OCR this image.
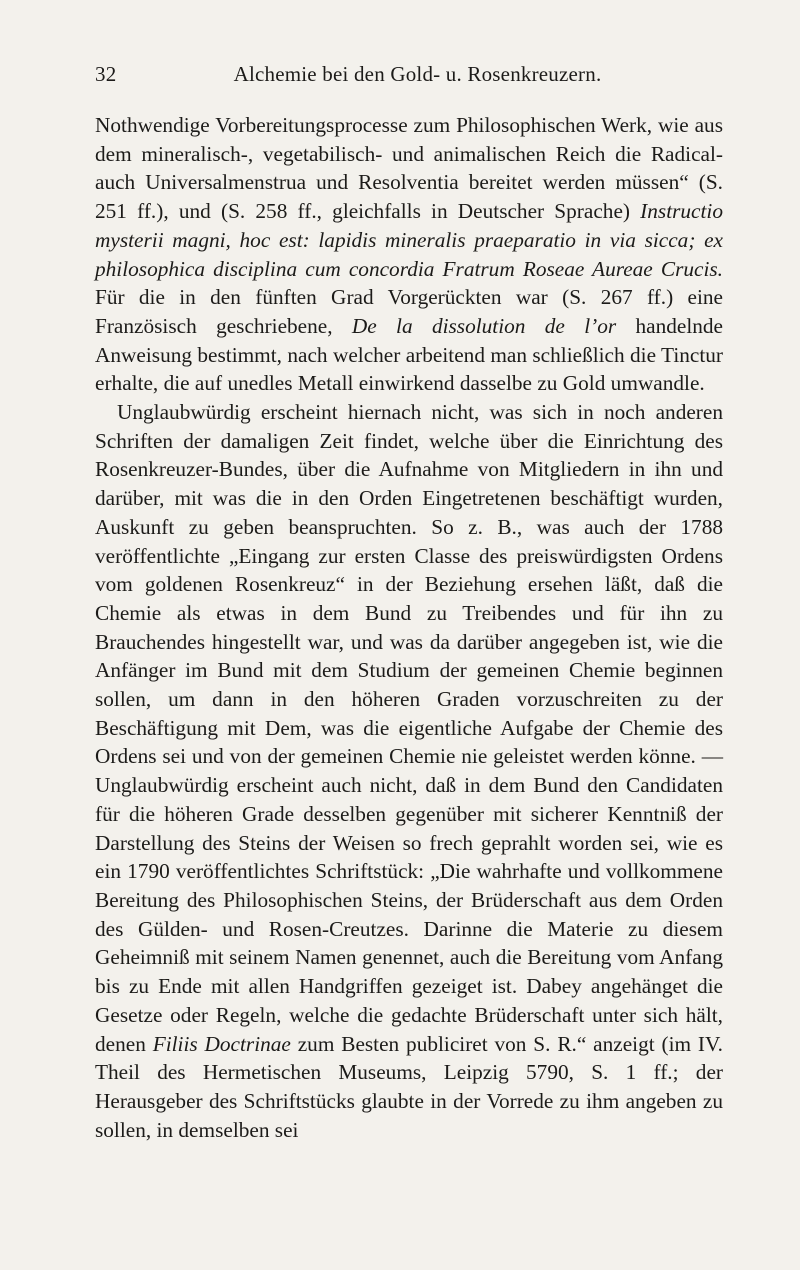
32	Alchemie bei den Gold- u. Rosenkreuzern.

Nothwendige Vorbereitungsprocesse zum Philosophischen Werk, wie aus dem mineralisch-, vegetabilisch- und animalischen Reich die Radical- auch Universalmenstrua und Resolventia bereitet werden müssen“ (S. 251 ff.), und (S. 258 ff., gleichfalls in Deutscher Sprache) Instructio mysterii magni, hoc est: lapidis mineralis praeparatio in via sicca; ex philosophica disciplina cum concordia Fratrum Roseae Aureae Crucis. Für die in den fünften Grad Vorgerückten war (S. 267 ff.) eine Französisch geschriebene, De la dissolution de l’or handelnde Anweisung bestimmt, nach welcher arbeitend man schließlich die Tinctur erhalte, die auf unedles Metall einwirkend dasselbe zu Gold umwandle.

Unglaubwürdig erscheint hiernach nicht, was sich in noch anderen Schriften der damaligen Zeit findet, welche über die Einrichtung des Rosenkreuzer-Bundes, über die Aufnahme von Mitgliedern in ihn und darüber, mit was die in den Orden Eingetretenen beschäftigt wurden, Auskunft zu geben beanspruchten. So z. B., was auch der 1788 veröffentlichte „Eingang zur ersten Classe des preiswürdigsten Ordens vom goldenen Rosenkreuz“ in der Beziehung ersehen läßt, daß die Chemie als etwas in dem Bund zu Treibendes und für ihn zu Brauchendes hingestellt war, und was da darüber angegeben ist, wie die Anfänger im Bund mit dem Studium der gemeinen Chemie beginnen sollen, um dann in den höheren Graden vorzuschreiten zu der Beschäftigung mit Dem, was die eigentliche Aufgabe der Chemie des Ordens sei und von der gemeinen Chemie nie geleistet werden könne. — Unglaubwürdig erscheint auch nicht, daß in dem Bund den Candidaten für die höheren Grade desselben gegenüber mit sicherer Kenntniß der Darstellung des Steins der Weisen so frech geprahlt worden sei, wie es ein 1790 veröffentlichtes Schriftstück: „Die wahrhafte und vollkommene Bereitung des Philosophischen Steins, der Brüderschaft aus dem Orden des Gülden- und Rosen-Creutzes. Darinne die Materie zu diesem Geheimniß mit seinem Namen genennet, auch die Bereitung vom Anfang bis zu Ende mit allen Handgriffen gezeiget ist. Dabey angehänget die Gesetze oder Regeln, welche die gedachte Brüderschaft unter sich hält, denen Filiis Doctrinae zum Besten publiciret von S. R.“ anzeigt (im IV. Theil des Hermetischen Museums, Leipzig 5790, S. 1 ff.; der Herausgeber des Schriftstücks glaubte in der Vorrede zu ihm angeben zu sollen, in demselben sei
